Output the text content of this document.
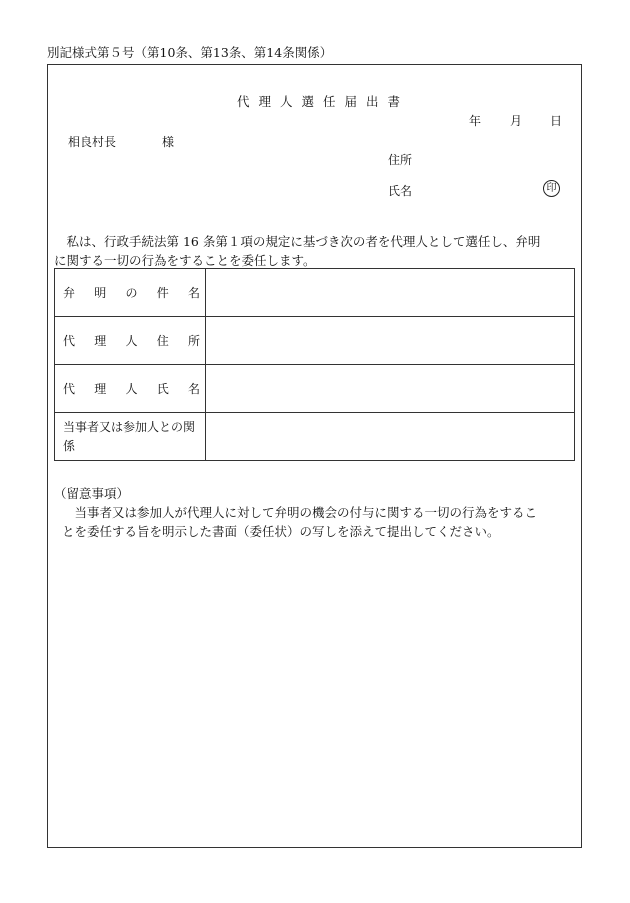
別記様式第５号（第10条、第13条、第14条関係）
代理人選任届出書
年 月 日
相良村長	様
住所
氏名	印
　私は、行政手続法第 16 条第１項の規定に基づき次の者を代理人として選任し、弁明
に関する一切の行為をすることを委任します。
弁明の件名	
代理人住所	
代理人氏名	
当事者又は参加人との関係	
（留意事項）
　当事者又は参加人が代理人に対して弁明の機会の付与に関する一切の行為をするこ
とを委任する旨を明示した書面（委任状）の写しを添えて提出してください。
